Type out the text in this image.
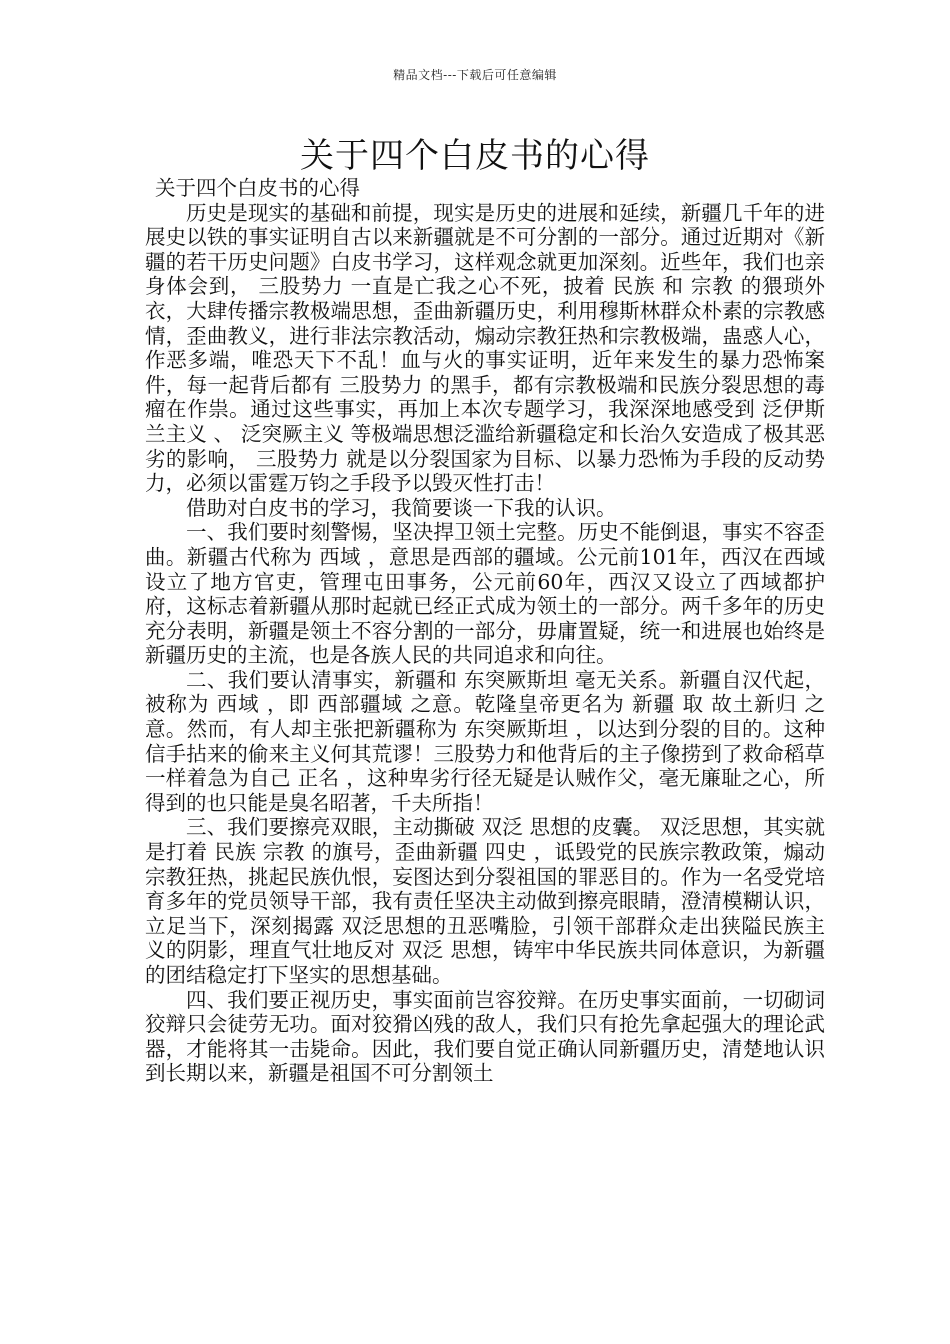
精品文档---下载后可任意编辑
关于四个白皮书的心得
关于四个白皮书的心得

历史是现实的基础和前提，现实是历史的进展和延续，新疆几千年的进展史以铁的事实证明自古以来新疆就是不可分割的一部分。通过近期对《新疆的若干历史问题》白皮书学习，这样观念就更加深刻。近些年，我们也亲身体会到， 三股势力 一直是亡我之心不死，披着 民族 和 宗教 的猥琐外衣，大肆传播宗教极端思想，歪曲新疆历史，利用穆斯林群众朴素的宗教感情，歪曲教义，进行非法宗教活动，煽动宗教狂热和宗教极端，蛊惑人心，作恶多端，唯恐天下不乱！血与火的事实证明，近年来发生的暴力恐怖案件，每一起背后都有 三股势力 的黑手，都有宗教极端和民族分裂思想的毒瘤在作祟。通过这些事实，再加上本次专题学习，我深深地感受到 泛伊斯兰主义 、 泛突厥主义 等极端思想泛滥给新疆稳定和长治久安造成了极其恶劣的影响， 三股势力 就是以分裂国家为目标、以暴力恐怖为手段的反动势力，必须以雷霆万钧之手段予以毁灭性打击！

借助对白皮书的学习，我简要谈一下我的认识。

一、我们要时刻警惕，坚决捍卫领土完整。历史不能倒退，事实不容歪曲。新疆古代称为 西域 ，意思是西部的疆域。公元前101年，西汉在西域设立了地方官吏，管理屯田事务，公元前60年，西汉又设立了西域都护府，这标志着新疆从那时起就已经正式成为领土的一部分。两千多年的历史充分表明，新疆是领土不容分割的一部分，毋庸置疑，统一和进展也始终是新疆历史的主流，也是各族人民的共同追求和向往。

二、我们要认清事实，新疆和 东突厥斯坦 毫无关系。新疆自汉代起，被称为 西域 ，即 西部疆域 之意。乾隆皇帝更名为 新疆 取 故土新归 之意。然而，有人却主张把新疆称为 东突厥斯坦 ，以达到分裂的目的。这种信手拈来的偷来主义何其荒谬！三股势力和他背后的主子像捞到了救命稻草一样着急为自己 正名 ，这种卑劣行径无疑是认贼作父，毫无廉耻之心，所得到的也只能是臭名昭著，千夫所指！

三、我们要擦亮双眼，主动撕破 双泛 思想的皮囊。 双泛思想，其实就是打着 民族 宗教 的旗号，歪曲新疆 四史 ，诋毁党的民族宗教政策，煽动宗教狂热，挑起民族仇恨，妄图达到分裂祖国的罪恶目的。作为一名受党培育多年的党员领导干部，我有责任坚决主动做到擦亮眼睛，澄清模糊认识，立足当下，深刻揭露 双泛思想的丑恶嘴脸，引领干部群众走出狭隘民族主义的阴影，理直气壮地反对 双泛 思想，铸牢中华民族共同体意识，为新疆的团结稳定打下坚实的思想基础。

四、我们要正视历史，事实面前岂容狡辩。在历史事实面前，一切砌词狡辩只会徒劳无功。面对狡猾凶残的敌人，我们只有抢先拿起强大的理论武器，才能将其一击毙命。因此，我们要自觉正确认同新疆历史，清楚地认识到长期以来，新疆是祖国不可分割领土
